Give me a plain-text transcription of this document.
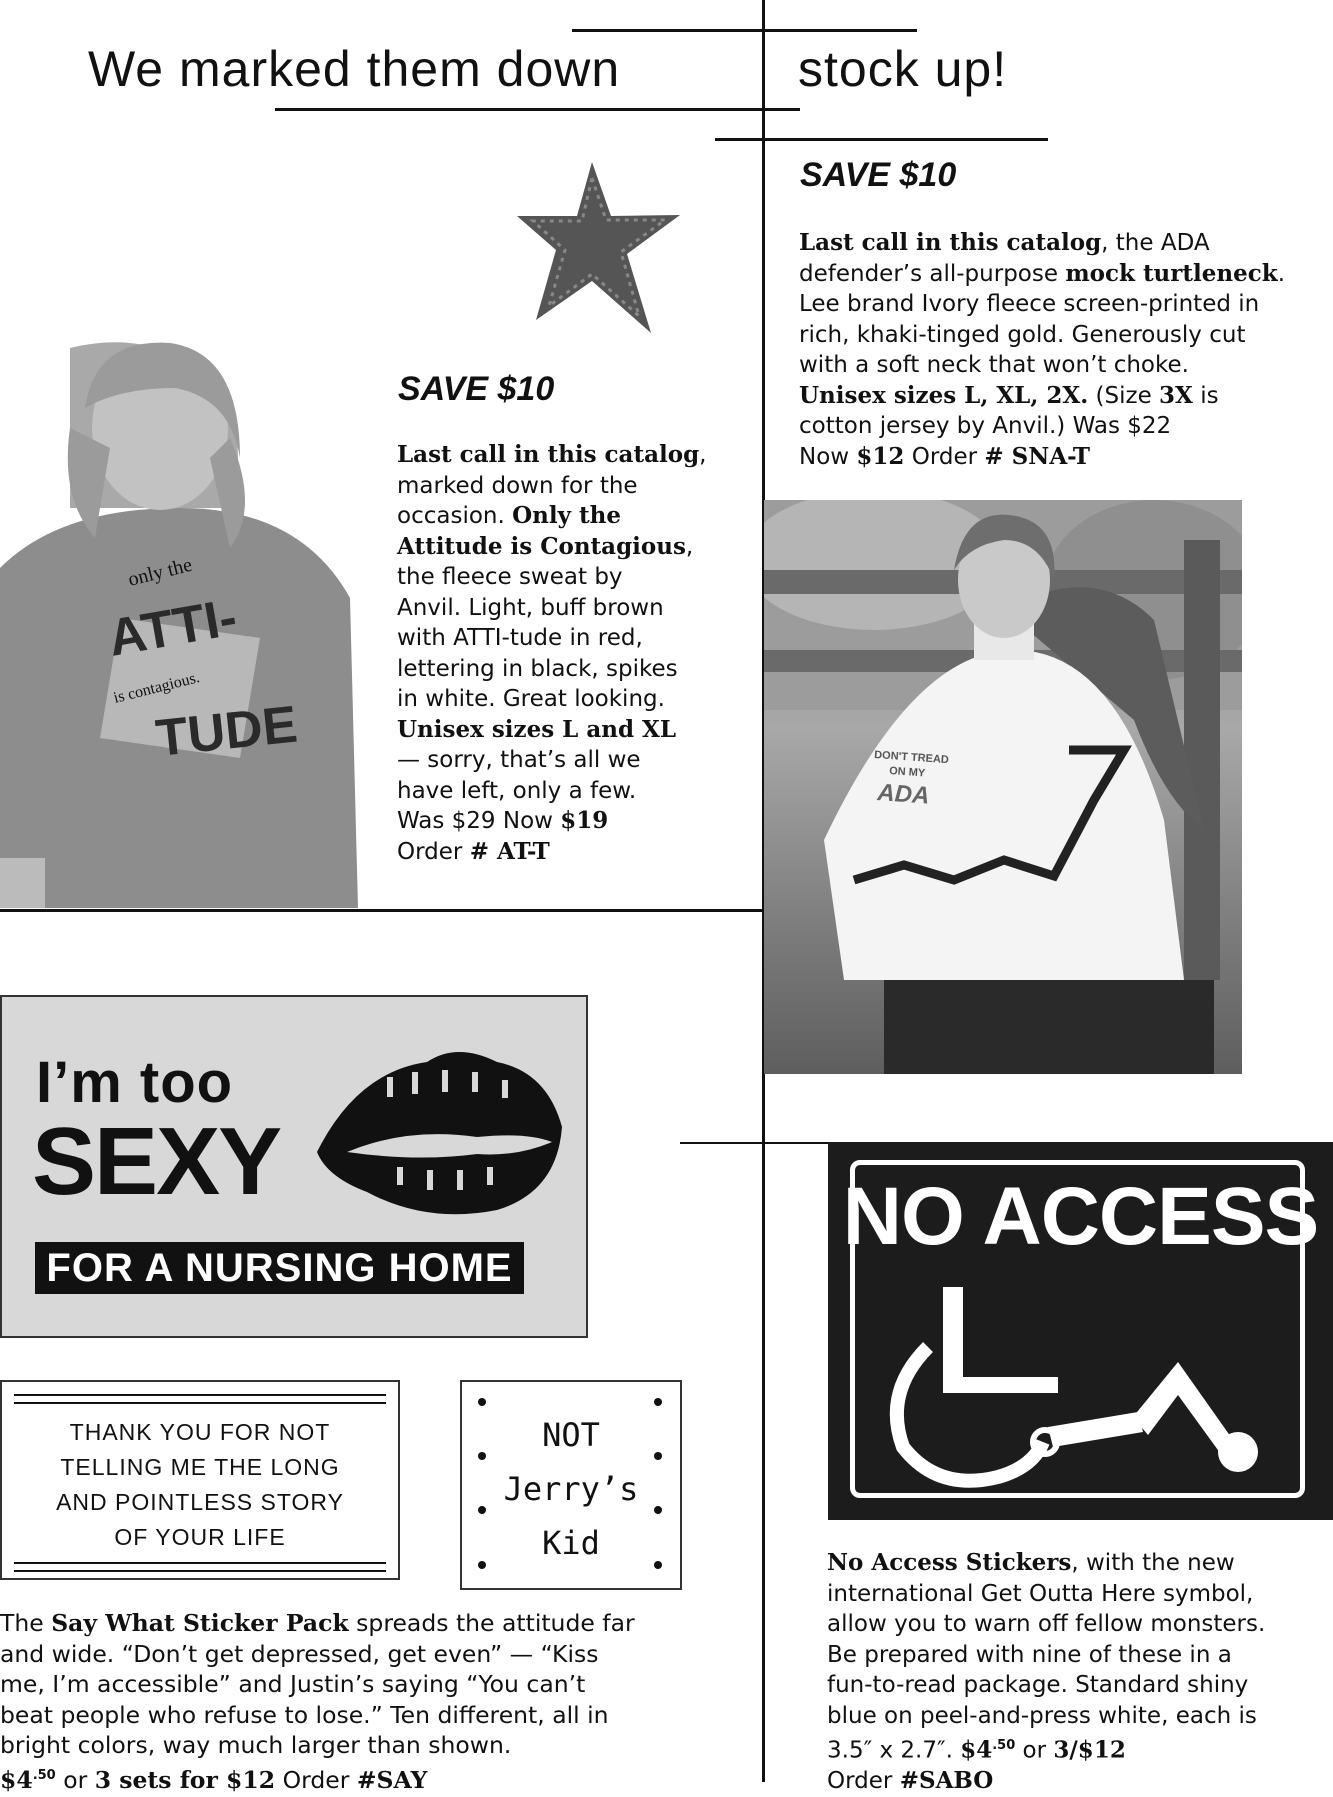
We marked them down	stock up!
SAVE $10
Last call in this catalog, the ADA
defender’s all-purpose mock turtleneck.
Lee brand Ivory fleece screen-printed in
rich, khaki-tinged gold. Generously cut
with a soft neck that won’t choke.
Unisex sizes L, XL, 2X. (Size 3X is
cotton jersey by Anvil.) Was $22
Now $12 Order # SNA-T
DON'T TREAD
ON MY
ADA
only the
ATTI-
is contagious.
TUDE
SAVE $10
Last call in this catalog,
marked down for the
occasion. Only the
Attitude is Contagious,
the fleece sweat by
Anvil. Light, buff brown
with ATTI-tude in red,
lettering in black, spikes
in white. Great looking.
Unisex sizes L and XL
— sorry, that’s all we
have left, only a few.
Was $29 Now $19
Order # AT-T
I’m too
SEXY
FOR A NURSING HOME
THANK YOU FOR NOT
TELLING ME THE LONG
AND POINTLESS STORY
OF YOUR LIFE
NOT
Jerry’s
Kid
The Say What Sticker Pack spreads the attitude far
and wide. “Don’t get depressed, get even” — “Kiss
me, I’m accessible” and Justin’s saying “You can’t
beat people who refuse to lose.” Ten different, all in
bright colors, way much larger than shown.
$\$4^{.50}$ or 3 sets for $12 Order #SAY
NO ACCESS
No Access Stickers, with the new
international Get Outta Here symbol,
allow you to warn off fellow monsters.
Be prepared with nine of these in a
fun-to-read package. Standard shiny
blue on peel-and-press white, each is
3.5″ x 2.7″. $\$4^{.50}$ or 3/$12
Order #SABO
